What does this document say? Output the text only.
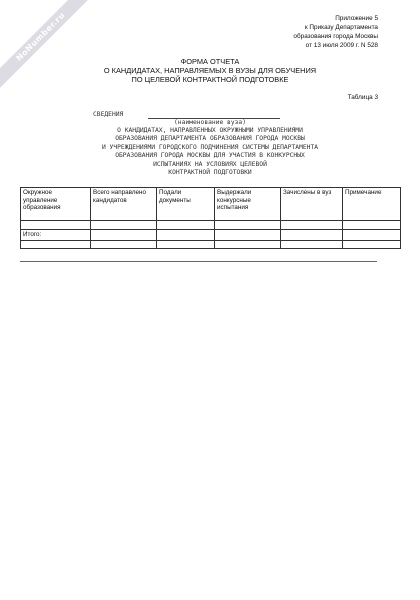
NoNumber.ru	Приложение 5
к Приказу Департамента
образования города Москвы
от 13 июля 2009 г. N 528
ФОРМА ОТЧЕТА
О КАНДИДАТАХ, НАПРАВЛЯЕМЫХ В ВУЗЫ ДЛЯ ОБУЧЕНИЯ
ПО ЦЕЛЕВОЙ КОНТРАКТНОЙ ПОДГОТОВКЕ
Таблица 3
СВЕДЕНИЯ
(наименование вуза)
О КАНДИДАТАХ, НАПРАВЛЕННЫХ ОКРУЖНЫМИ УПРАВЛЕНИЯМИ
ОБРАЗОВАНИЯ ДЕПАРТАМЕНТА ОБРАЗОВАНИЯ ГОРОДА МОСКВЫ
И УЧРЕЖДЕНИЯМИ ГОРОДСКОГО ПОДЧИНЕНИЯ СИСТЕМЫ ДЕПАРТАМЕНТА
ОБРАЗОВАНИЯ ГОРОДА МОСКВЫ ДЛЯ УЧАСТИЯ В КОНКУРСНЫХ
ИСПЫТАНИЯХ НА УСЛОВИЯХ ЦЕЛЕВОЙ
КОНТРАКТНОЙ ПОДГОТОВКИ
Окружное управление образования	Всего направлено кандидатов	Подали документы	Выдержали конкурсные испытания	Зачислены в вуз	Примечание

Итого:					
